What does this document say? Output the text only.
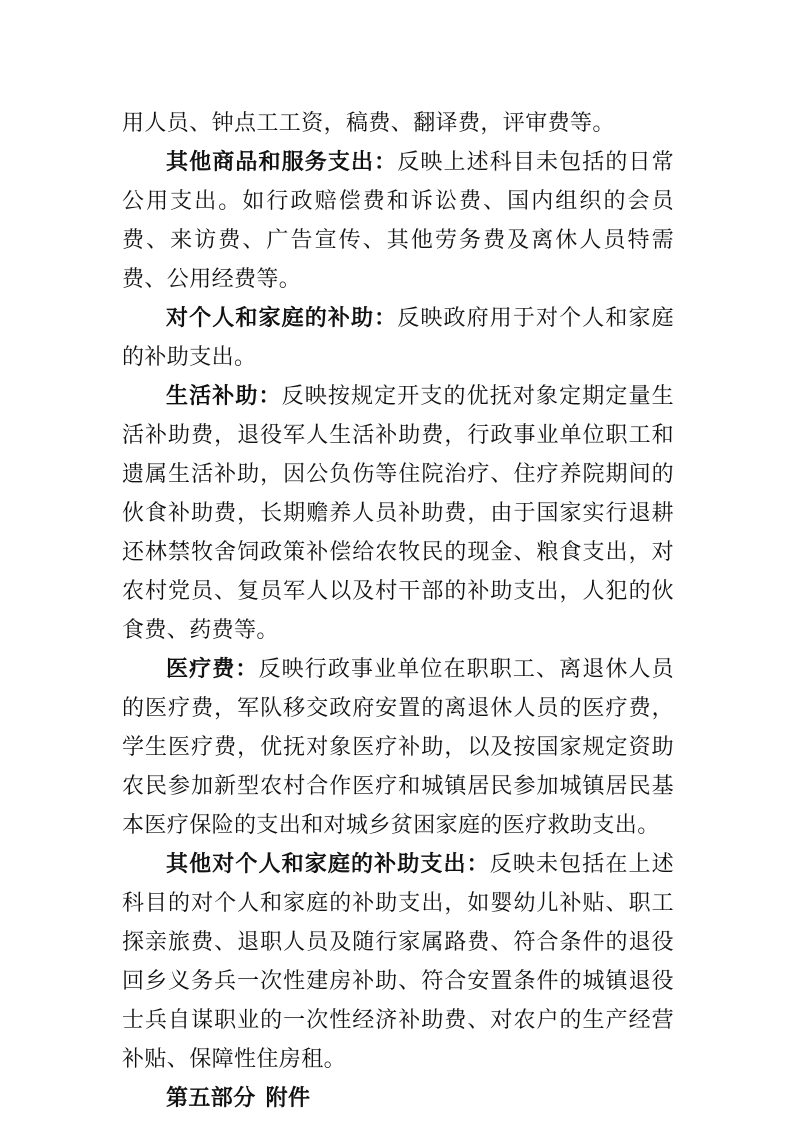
用人员、钟点工工资，稿费、翻译费，评审费等。

其他商品和服务支出：反映上述科目未包括的日常公用支出。如行政赔偿费和诉讼费、国内组织的会员费、来访费、广告宣传、其他劳务费及离休人员特需费、公用经费等。

对个人和家庭的补助：反映政府用于对个人和家庭的补助支出。

生活补助：反映按规定开支的优抚对象定期定量生活补助费，退役军人生活补助费，行政事业单位职工和遗属生活补助，因公负伤等住院治疗、住疗养院期间的伙食补助费，长期赡养人员补助费，由于国家实行退耕还林禁牧舍饲政策补偿给农牧民的现金、粮食支出，对农村党员、复员军人以及村干部的补助支出，人犯的伙食费、药费等。

医疗费：反映行政事业单位在职职工、离退休人员的医疗费，军队移交政府安置的离退休人员的医疗费，学生医疗费，优抚对象医疗补助，以及按国家规定资助农民参加新型农村合作医疗和城镇居民参加城镇居民基本医疗保险的支出和对城乡贫困家庭的医疗救助支出。

其他对个人和家庭的补助支出：反映未包括在上述科目的对个人和家庭的补助支出，如婴幼儿补贴、职工探亲旅费、退职人员及随行家属路费、符合条件的退役回乡义务兵一次性建房补助、符合安置条件的城镇退役士兵自谋职业的一次性经济补助费、对农户的生产经营补贴、保障性住房租。

第五部分 附件
